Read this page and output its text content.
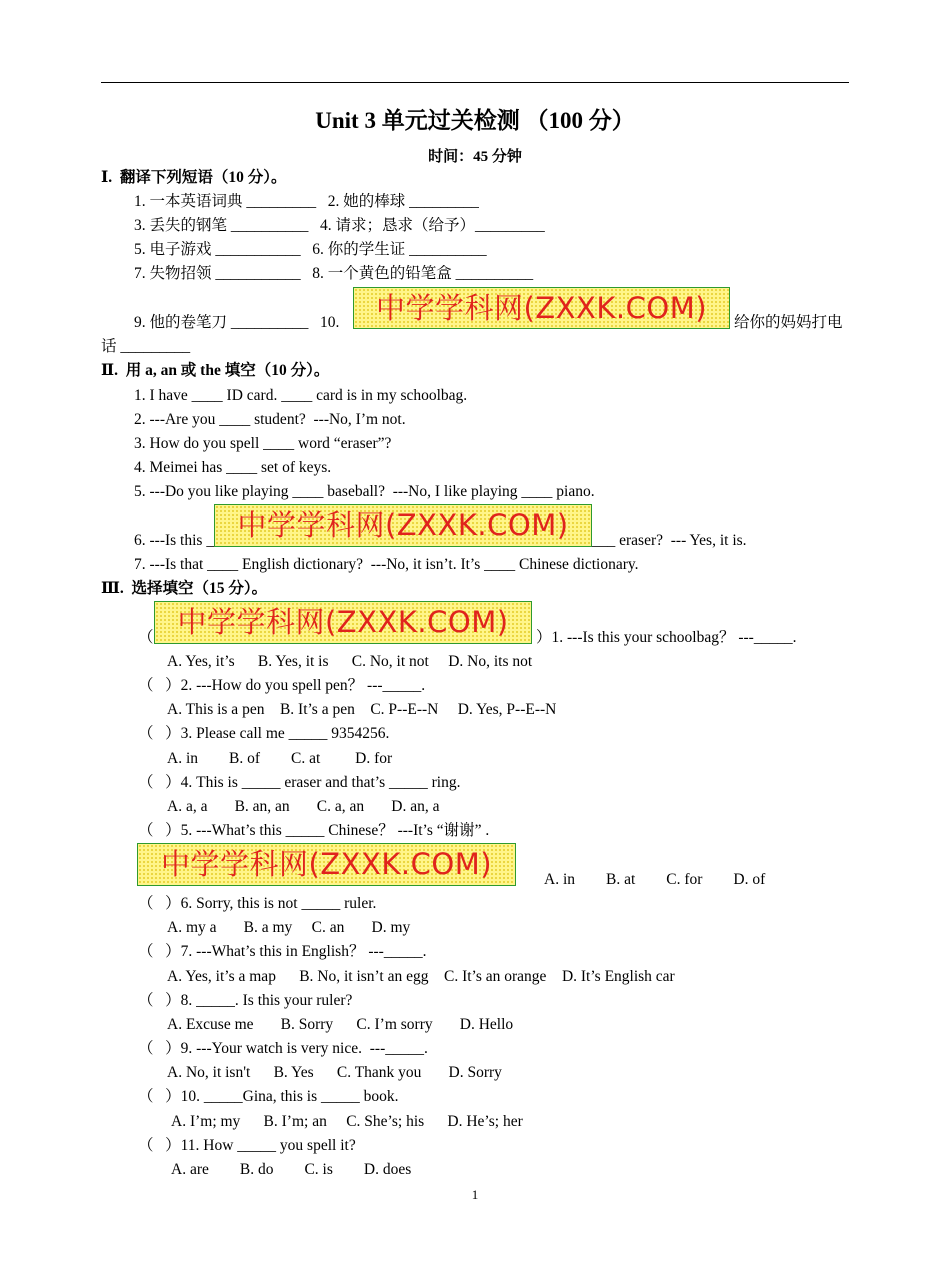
Unit 3 单元过关检测 （100 分）
时间：45 分钟
Ⅰ.  翻译下列短语（10 分）。
1. 一本英语词典 _________   2. 她的棒球 _________
3. 丢失的钢笔 __________   4. 请求；恳求（给予）_________
5. 电子游戏 ___________   6. 你的学生证 __________
7. 失物招领 ___________   8. 一个黄色的铅笔盒 __________
9. 他的卷笔刀 __________   10.	中学学科网(ZXXK.COM)	给你的妈妈打电
话 _________
Ⅱ.  用 a, an 或 the 填空（10 分）。
1. I have ____ ID card. ____ card is in my schoolbag.
2. ---Are you ____ student?  ---No, I’m not.
3. How do you spell ____ word “eraser”?
4. Meimei has ____ set of keys.
5. ---Do you like playing ____ baseball?  ---No, I like playing ____ piano.
6. ---Is this _ 中学学科网(ZXXK.COM)	___ eraser?  --- Yes, it is.
7. ---Is that ____ English dictionary?  ---No, it isn’t. It’s ____ Chinese dictionary.
Ⅲ.  选择填空（15 分）。
（ 中学学科网(ZXXK.COM)	）1. ---Is this your schoolbag？ ---_____.
A. Yes, it’s      B. Yes, it is      C. No, it not     D. No, its not
（   ）2. ---How do you spell pen？ ---_____.
A. This is a pen    B. It’s a pen    C. P--E--N     D. Yes, P--E--N
（   ）3. Please call me _____ 9354256.
A. in        B. of        C. at         D. for
（   ）4. This is _____ eraser and that’s _____ ring.
A. a, a       B. an, an       C. a, an       D. an, a
（   ）5. ---What’s this _____ Chinese？ ---It’s “谢谢” .
中学学科网(ZXXK.COM)	A. in        B. at        C. for        D. of
（   ）6. Sorry, this is not _____ ruler.
A. my a       B. a my     C. an       D. my
（   ）7. ---What’s this in English？ ---_____.
A. Yes, it’s a map      B. No, it isn’t an egg    C. It’s an orange    D. It’s English car
（   ）8. _____. Is this your ruler?
A. Excuse me       B. Sorry      C. I’m sorry       D. Hello
（   ）9. ---Your watch is very nice.  ---_____.
A. No, it isn't      B. Yes      C. Thank you       D. Sorry
（   ）10. _____Gina, this is _____ book.
A. I’m; my      B. I’m; an     C. She’s; his      D. He’s; her
（   ）11. How _____ you spell it?
A. are        B. do        C. is        D. does
1
